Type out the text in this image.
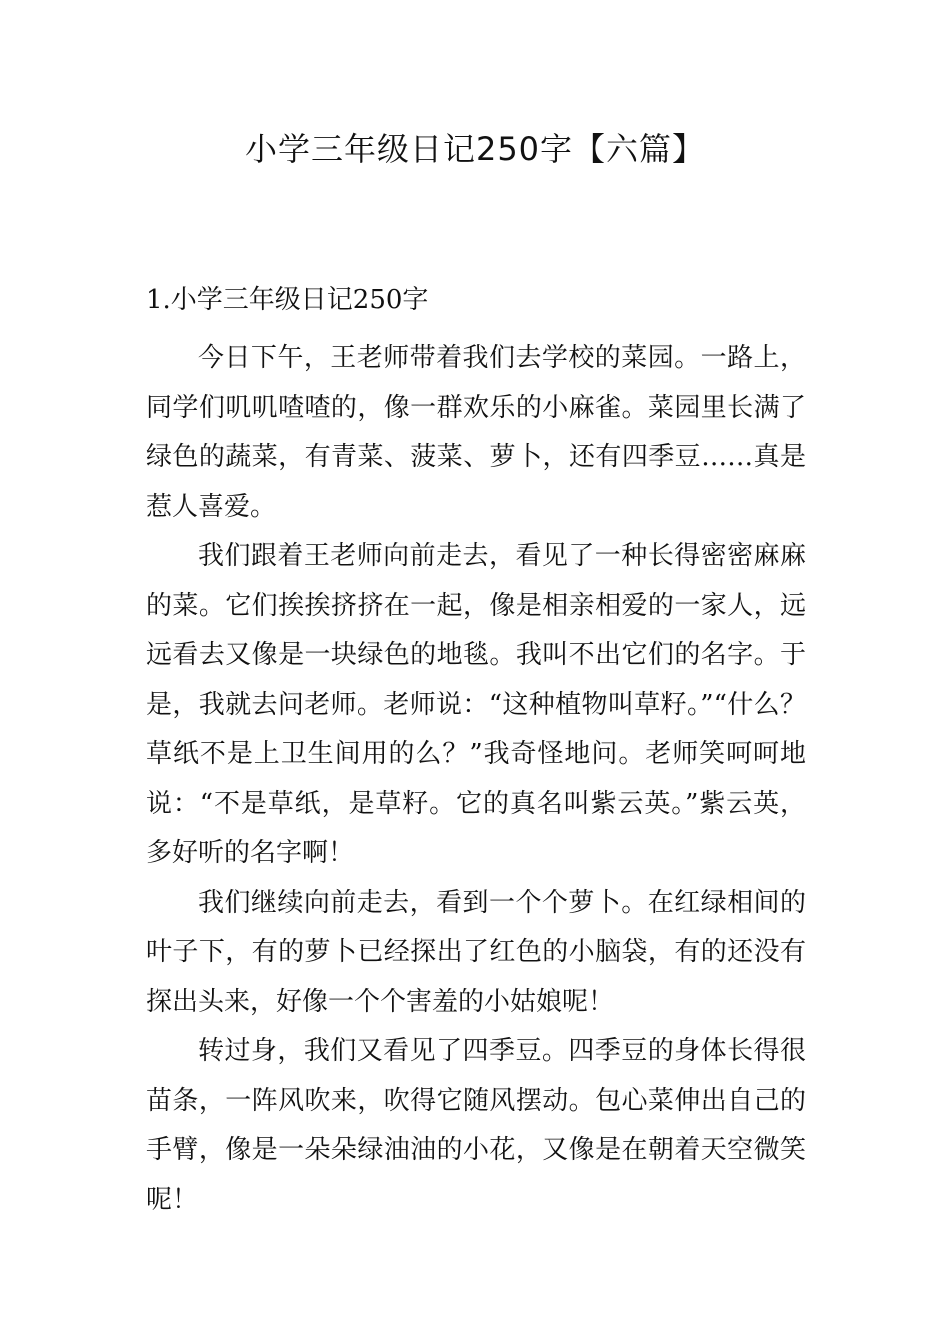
小学三年级日记250字【六篇】
1.小学三年级日记250字

今日下午，王老师带着我们去学校的菜园。一路上，同学们叽叽喳喳的，像一群欢乐的小麻雀。菜园里长满了绿色的蔬菜，有青菜、菠菜、萝卜，还有四季豆……真是惹人喜爱。

我们跟着王老师向前走去，看见了一种长得密密麻麻的菜。它们挨挨挤挤在一起，像是相亲相爱的一家人，远远看去又像是一块绿色的地毯。我叫不出它们的名字。于是，我就去问老师。老师说：“这种植物叫草籽。”“什么？草纸不是上卫生间用的么？”我奇怪地问。老师笑呵呵地说：“不是草纸，是草籽。它的真名叫紫云英。”紫云英，多好听的名字啊！

我们继续向前走去，看到一个个萝卜。在红绿相间的叶子下，有的萝卜已经探出了红色的小脑袋，有的还没有探出头来，好像一个个害羞的小姑娘呢！

转过身，我们又看见了四季豆。四季豆的身体长得很苗条，一阵风吹来，吹得它随风摆动。包心菜伸出自己的手臂，像是一朵朵绿油油的小花，又像是在朝着天空微笑呢！
